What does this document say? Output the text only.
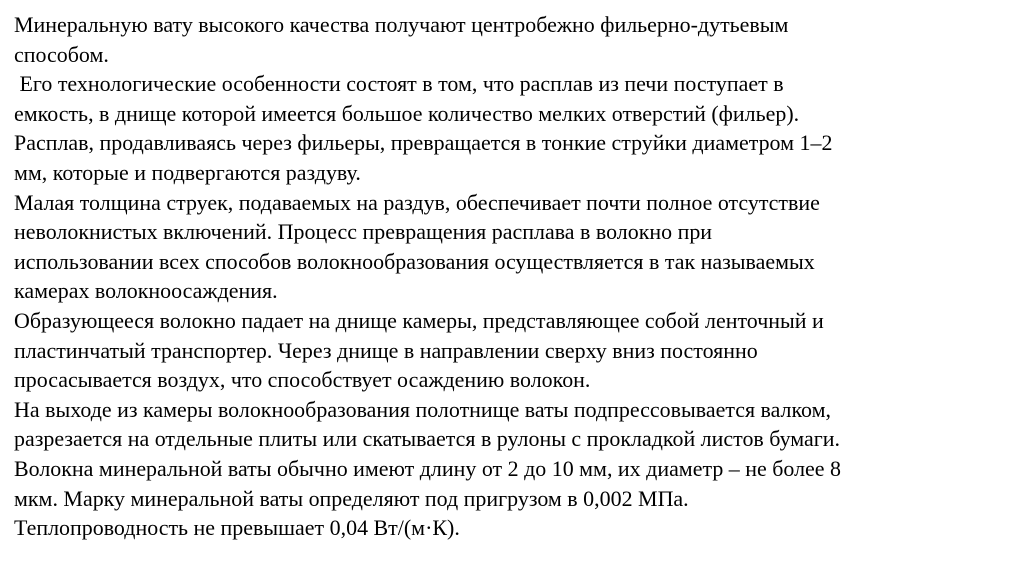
Минеральную вату высокого качества получают центробежно фильерно-дутьевым
способом.
Его технологические особенности состоят в том, что расплав из печи поступает в
емкость, в днище которой имеется большое количество мелких отверстий (фильер).
Расплав, продавливаясь через фильеры, превращается в тонкие струйки диаметром 1–2
мм, которые и подвергаются раздуву.
Малая толщина струек, подаваемых на раздув, обеспечивает почти полное отсутствие
неволокнистых включений. Процесс превращения расплава в волокно при
использовании всех способов волокнообразования осуществляется в так называемых
камерах волокноосаждения.
Образующееся волокно падает на днище камеры, представляющее собой ленточный и
пластинчатый транспортер. Через днище в направлении сверху вниз постоянно
просасывается воздух, что способствует осаждению волокон.
На выходе из камеры волокнообразования полотнище ваты подпрессовывается валком,
разрезается на отдельные плиты или скатывается в рулоны с прокладкой листов бумаги.
Волокна минеральной ваты обычно имеют длину от 2 до 10 мм, их диаметр – не более 8
мкм. Марку минеральной ваты определяют под пригрузом в 0,002 МПа.
Теплопроводность не превышает 0,04 Вт/(м·К).
